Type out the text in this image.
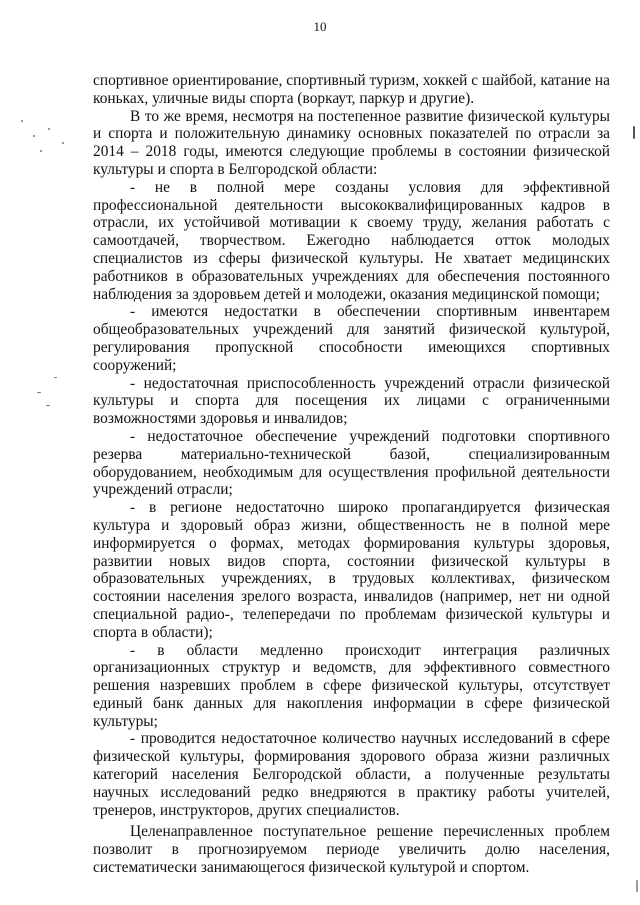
10

спортивное ориентирование, спортивный туризм, хоккей с шайбой, катание на коньках, уличные виды спорта (воркаут, паркур и другие).

В то же время, несмотря на постепенное развитие физической культуры и спорта и положительную динамику основных показателей по отрасли за 2014 – 2018 годы, имеются следующие проблемы в состоянии физической культуры и спорта в Белгородской области:

- не в полной мере созданы условия для эффективной профессиональной деятельности высококвалифицированных кадров в отрасли, их устойчивой мотивации к своему труду, желания работать с самоотдачей, творчеством. Ежегодно наблюдается отток молодых специалистов из сферы физической культуры. Не хватает медицинских работников в образовательных учреждениях для обеспечения постоянного наблюдения за здоровьем детей и молодежи, оказания медицинской помощи;

- имеются недостатки в обеспечении спортивным инвентарем общеобразовательных учреждений для занятий физической культурой, регулирования пропускной способности имеющихся спортивных сооружений;

- недостаточная приспособленность учреждений отрасли физической культуры и спорта для посещения их лицами с ограниченными возможностями здоровья и инвалидов;

- недостаточное обеспечение учреждений подготовки спортивного резерва материально-технической базой, специализированным оборудованием, необходимым для осуществления профильной деятельности учреждений отрасли;

- в регионе недостаточно широко пропагандируется физическая культура и здоровый образ жизни, общественность не в полной мере информируется о формах, методах формирования культуры здоровья, развитии новых видов спорта, состоянии физической культуры в образовательных учреждениях, в трудовых коллективах, физическом состоянии населения зрелого возраста, инвалидов (например, нет ни одной специальной радио-, телепередачи по проблемам физической культуры и спорта в области);

- в области медленно происходит интеграция различных организационных структур и ведомств, для эффективного совместного решения назревших проблем в сфере физической культуры, отсутствует единый банк данных для накопления информации в сфере физической культуры;

- проводится недостаточное количество научных исследований в сфере физической культуры, формирования здорового образа жизни различных категорий населения Белгородской области, а полученные результаты научных исследований редко внедряются в практику работы учителей, тренеров, инструкторов, других специалистов.

Целенаправленное поступательное решение перечисленных проблем позволит в прогнозируемом периоде увеличить долю населения, систематически занимающегося физической культурой и спортом.
